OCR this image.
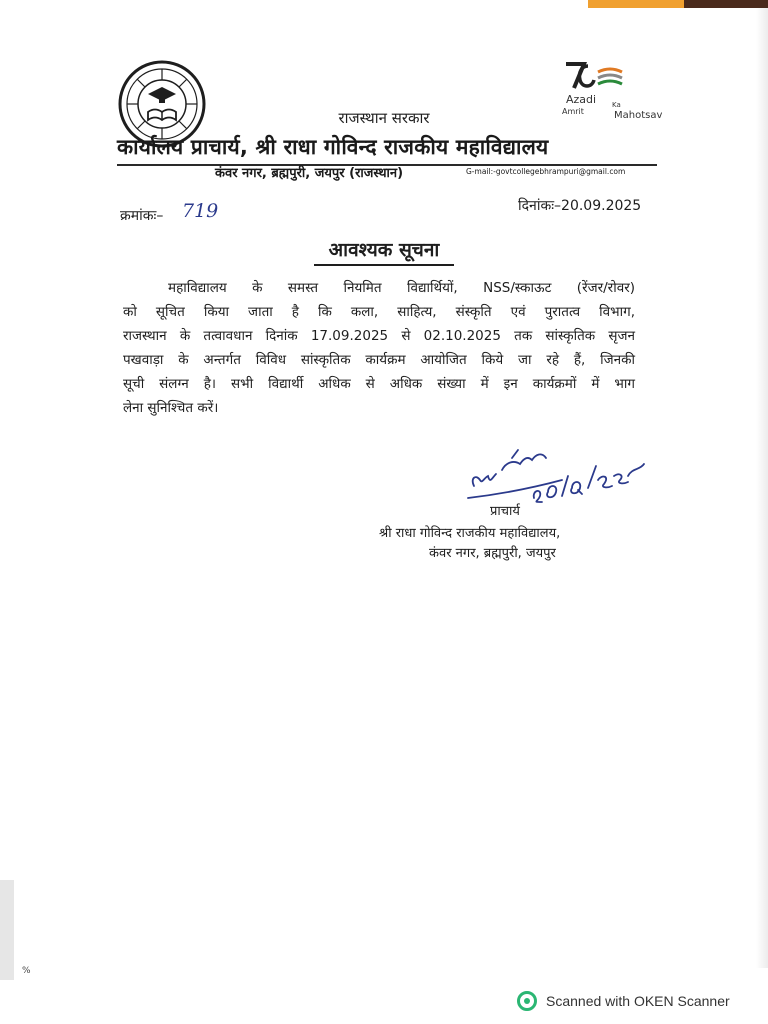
%
Azadi Ka
Amrit	Mahotsav
राजस्थान सरकार
कार्यालय प्राचार्य, श्री राधा गोविन्द राजकीय महाविद्यालय
कंवर नगर, ब्रह्मपुरी, जयपुर (राजस्थान)	G-mail:-govtcollegebhrampuri@gmail.com
क्रमांकः– 719	दिनांकः–20.09.2025
आवश्यक सूचना
महाविद्यालय के समस्त नियमित विद्यार्थियों, NSS/स्काऊट (रेंजर/रोवर)
को सूचित किया जाता है कि कला, साहित्य, संस्कृति एवं पुरातत्व विभाग,
राजस्थान के तत्वावधान दिनांक 17.09.2025 से 02.10.2025 तक सांस्कृतिक सृजन
पखवाड़ा के अन्तर्गत विविध सांस्कृतिक कार्यक्रम आयोजित किये जा रहे हैं, जिनकी
सूची संलग्न है। सभी विद्यार्थी अधिक से अधिक संख्या में इन कार्यक्रमों में भाग
लेना सुनिश्चित करें।
प्राचार्य
श्री राधा गोविन्द राजकीय महाविद्यालय,
कंवर नगर, ब्रह्मपुरी, जयपुर
Scanned with OKEN Scanner
